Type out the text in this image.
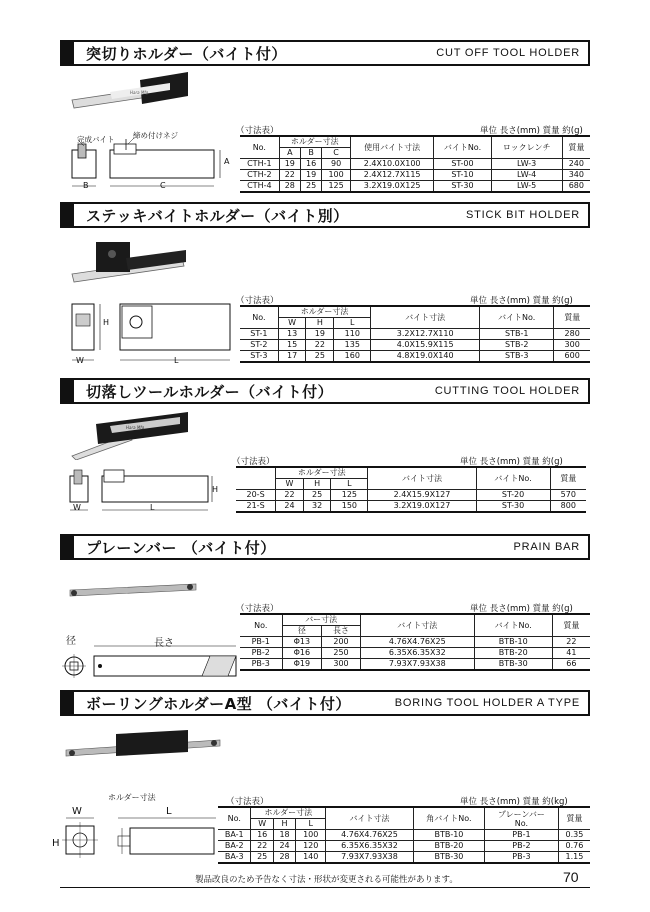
突切りホルダー（バイト付）	CUT OFF TOOL HOLDER
Hara Mfg
完成バイト 締め付けネジ
B	C
A
（寸法表）	単位 長さ(mm) 質量 約(g)
No.	ホルダー寸法			使用バイト寸法	バイトNo.	ロックレンチ	質量
	A	B	C				
CTH-1	19	16	90	2.4X10.0X100	ST-00	LW-3	240
CTH-2	22	19	100	2.4X12.7X115	ST-10	LW-4	340
CTH-4	28	25	125	3.2X19.0X125	ST-30	LW-5	680
ステッキバイトホルダー（バイト別）	STICK BIT HOLDER
H
W	L
（寸法表）	単位 長さ(mm) 質量 約(g)
No.	ホルダー寸法			バイト寸法	バイトNo.	質量
	W	H	L			
ST-1	13	19	110	3.2X12.7X110	STB-1	280
ST-2	15	22	135	4.0X15.9X115	STB-2	300
ST-3	17	25	160	4.8X19.0X140	STB-3	600
切落しツールホルダー（バイト付）	CUTTING TOOL HOLDER
Hara Mfg
H
W	L
（寸法表）	単位 長さ(mm) 質量 約(g)
	ホルダー寸法			バイト寸法	バイトNo.	質量
	W	H	L			
20-S	22	25	125	2.4X15.9X127	ST-20	570
21-S	24	32	150	3.2X19.0X127	ST-30	800
プレーンバー （バイト付）	PRAIN BAR
径	長さ
（寸法表）	単位 長さ(mm) 質量 約(g)
No.	バー寸法		バイト寸法	バイトNo.	質量
	径	長さ			
PB-1	Φ13	200	4.76X4.76X25	BTB-10	22
PB-2	Φ16	250	6.35X6.35X32	BTB-20	41
PB-3	Φ19	300	7.93X7.93X38	BTB-30	66
ボーリングホルダーA型 （バイト付）	BORING TOOL HOLDER A TYPE
ホルダー寸法
W	L
H
（寸法表）	単位 長さ(mm) 質量 約(kg)
No.	ホルダー寸法			バイト寸法	角バイトNo.	プレーンバー
No.	質量
	W	H	L				
BA-1	16	18	100	4.76X4.76X25	BTB-10	PB-1	0.35
BA-2	22	24	120	6.35X6.35X32	BTB-20	PB-2	0.76
BA-3	25	28	140	7.93X7.93X38	BTB-30	PB-3	1.15
製品改良のため予告なく寸法・形状が変更される可能性があります。	70
